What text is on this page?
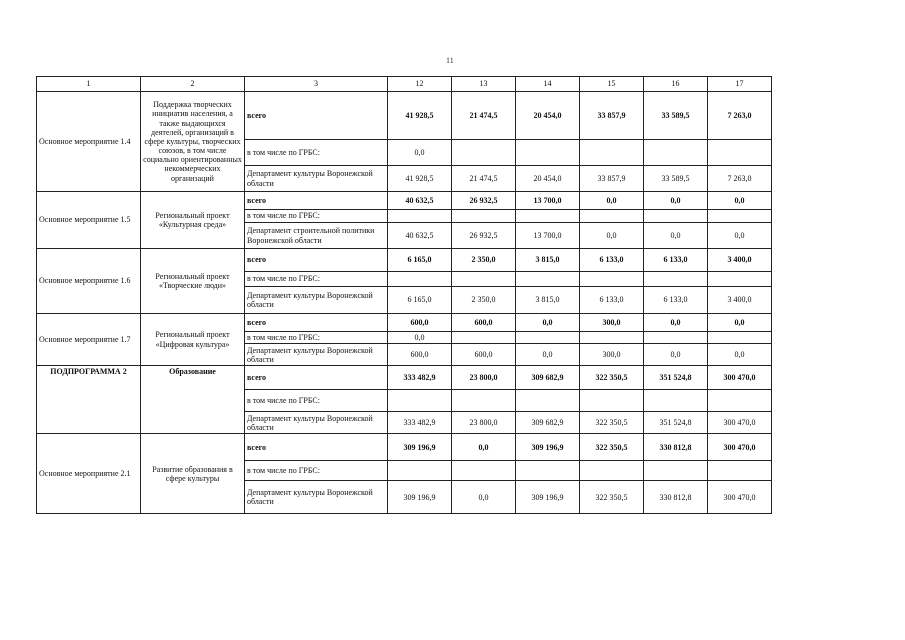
11
1	2	3	12	13	14	15	16	17
Основное мероприятие 1.4	Поддержка творческих инициатив населения, а также выдающихся деятелей, организаций в сфере культуры, творческих союзов, в том числе социально ориентированных некоммерческих организаций	всего	41 928,5	21 474,5	20 454,0	33 857,9	33 589,5	7 263,0
		в том числе по ГРБС:	0,0					
		Департамент культуры Воронежской области	41 928,5	21 474,5	20 454,0	33 857,9	33 589,5	7 263,0
Основное мероприятие 1.5	Региональный проект «Культурная среда»	всего	40 632,5	26 932,5	13 700,0	0,0	0,0	0,0
		в том числе по ГРБС:						
		Департамент строительной политики Воронежской области	40 632,5	26 932,5	13 700,0	0,0	0,0	0,0
Основное мероприятие 1.6	Региональный проект «Творческие люди»	всего	6 165,0	2 350,0	3 815,0	6 133,0	6 133,0	3 400,0
		в том числе по ГРБС:						
		Департамент культуры Воронежской области	6 165,0	2 350,0	3 815,0	6 133,0	6 133,0	3 400,0
Основное мероприятие 1.7	Региональный проект «Цифровая культура»	всего	600,0	600,0	0,0	300,0	0,0	0,0
		в том числе по ГРБС:	0,0					
		Департамент культуры Воронежской области	600,0	600,0	0,0	300,0	0,0	0,0
ПОДПРОГРАММА 2	Образование	всего	333 482,9	23 800,0	309 682,9	322 350,5	351 524,8	300 470,0
		в том числе по ГРБС:						
		Департамент культуры Воронежской области	333 482,9	23 800,0	309 682,9	322 350,5	351 524,8	300 470,0
Основное мероприятие 2.1	Развитие образования в сфере культуры	всего	309 196,9	0,0	309 196,9	322 350,5	330 812,8	300 470,0
		в том числе по ГРБС:						
		Департамент культуры Воронежской области	309 196,9	0,0	309 196,9	322 350,5	330 812,8	300 470,0
